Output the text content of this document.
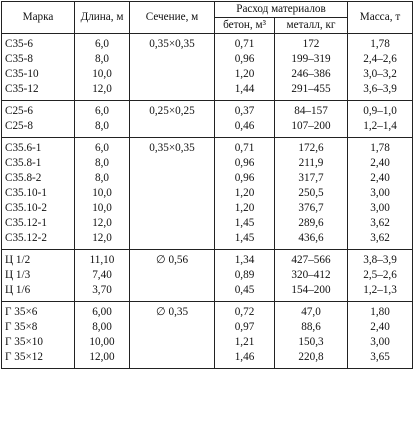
Марка	Длина, м	Сечение, м	Расход материалов		Масса, т
			бетон, м³	металл, кг	
С35-6	6,0	0,35×0,35	0,71	172	1,78
С35-8	8,0		0,96	199–319	2,4–2,6
С35-10	10,0		1,20	246–386	3,0–3,2
С35-12	12,0		1,44	291–455	3,6–3,9
С25-6	6,0	0,25×0,25	0,37	84–157	0,9–1,0
С25-8	8,0		0,46	107–200	1,2–1,4
С35.6-1	6,0	0,35×0,35	0,71	172,6	1,78
С35.8-1	8,0		0,96	211,9	2,40
С35.8-2	8,0		0,96	317,7	2,40
С35.10-1	10,0		1,20	250,5	3,00
С35.10-2	10,0		1,20	376,7	3,00
С35.12-1	12,0		1,45	289,6	3,62
С35.12-2	12,0		1,45	436,6	3,62
Ц 1/2	11,10	∅ 0,56	1,34	427–566	3,8–3,9
Ц 1/3	7,40		0,89	320–412	2,5–2,6
Ц 1/6	3,70		0,45	154–200	1,2–1,3
Г 35×6	6,00	∅ 0,35	0,72	47,0	1,80
Г 35×8	8,00		0,97	88,6	2,40
Г 35×10	10,00		1,21	150,3	3,00
Г 35×12	12,00		1,46	220,8	3,65
